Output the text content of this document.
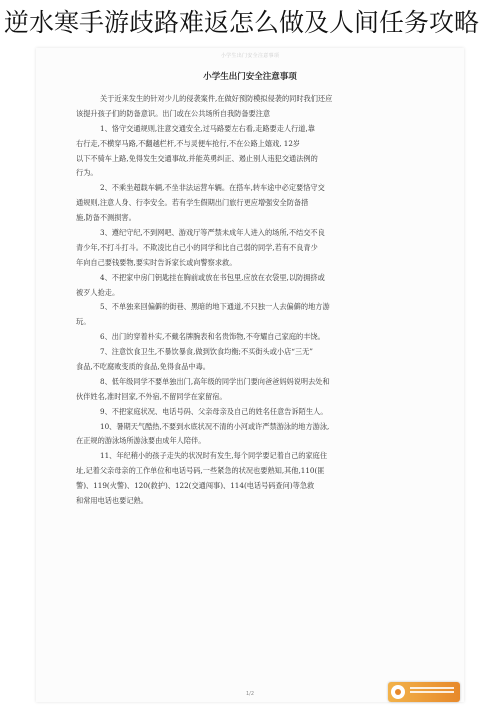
逆水寒手游歧路难返怎么做及人间任务攻略
小学生出门安全注意事项
小学生出门安全注意事项
关于近来发生的针对少儿的侵袭案件,在做好预防模拟侵袭的同时我们还应
该提升孩子们的防备意识。出门或在公共场所自我防备要注意
1、恪守交通规则,注意交通安全,过马路要左右看,走路要走人行道,靠
右行走,不横穿马路,不翻越栏杆,不与灵便车抢行,不在公路上嬉戏, 12岁
以下不骑车上路,免得发生交通事故,并能英勇纠正、遏止别人违犯交通法例的
行为。
2、不乘坐超载车辆,不坐非法运营车辆。在搭车,转车途中必定要恪守交
通规则,注意人身、行李安全。若有学生假期出门旅行更应增强安全防备措
施,防备不测损害。
3、遵纪守纪,不到网吧、游戏厅等严禁未成年人进入的场所,不结交不良
青少年,不打斗打斗。不欺凌比自己小的同学和比自己弱的同学,若有不良青少
年向自己要钱要物,要实时告诉家长或向警察求救。
4、不把家中房门钥匙挂在胸前或放在书包里,应放在衣袋里,以防拥挤或
被歹人抢走。
5、不单独来回偏僻的街巷、黑暗的地下通道,不只独一人去偏僻的地方游
玩。
6、出门的穿着朴实,不戴名牌腕表和名贵饰物,不夸耀自己家庭的丰饶。
7、注意饮食卫生,不暴饮暴食,做到饮食均衡;不买街头或小店“三无”
食品,不吃腐败变质的食品,免得食品中毒。
8、低年级同学不要单独出门,高年级的同学出门要向爸爸妈妈说明去处和
伙伴姓名,准时回家,不外宿,不留同学在家留宿。
9、不把家庭状况、电话号码、父亲母亲及自己的姓名任意告诉陌生人。
10、暑期天气酷热,不要到水底状况不清的小河或许严禁游泳的地方游泳,
在正规的游泳场所游泳要由成年人陪伴。
11、年纪稍小的孩子走失的状况时有发生,每个同学要记着自己的家庭住
址,记着父亲母亲的工作单位和电话号码,一些紧急的状况也要熟知,其他,110(匪
警)、119(火警)、120(救护)、122(交通闯事)、114(电话号码查问)等急救
和常用电话也要记熟。
1/2
